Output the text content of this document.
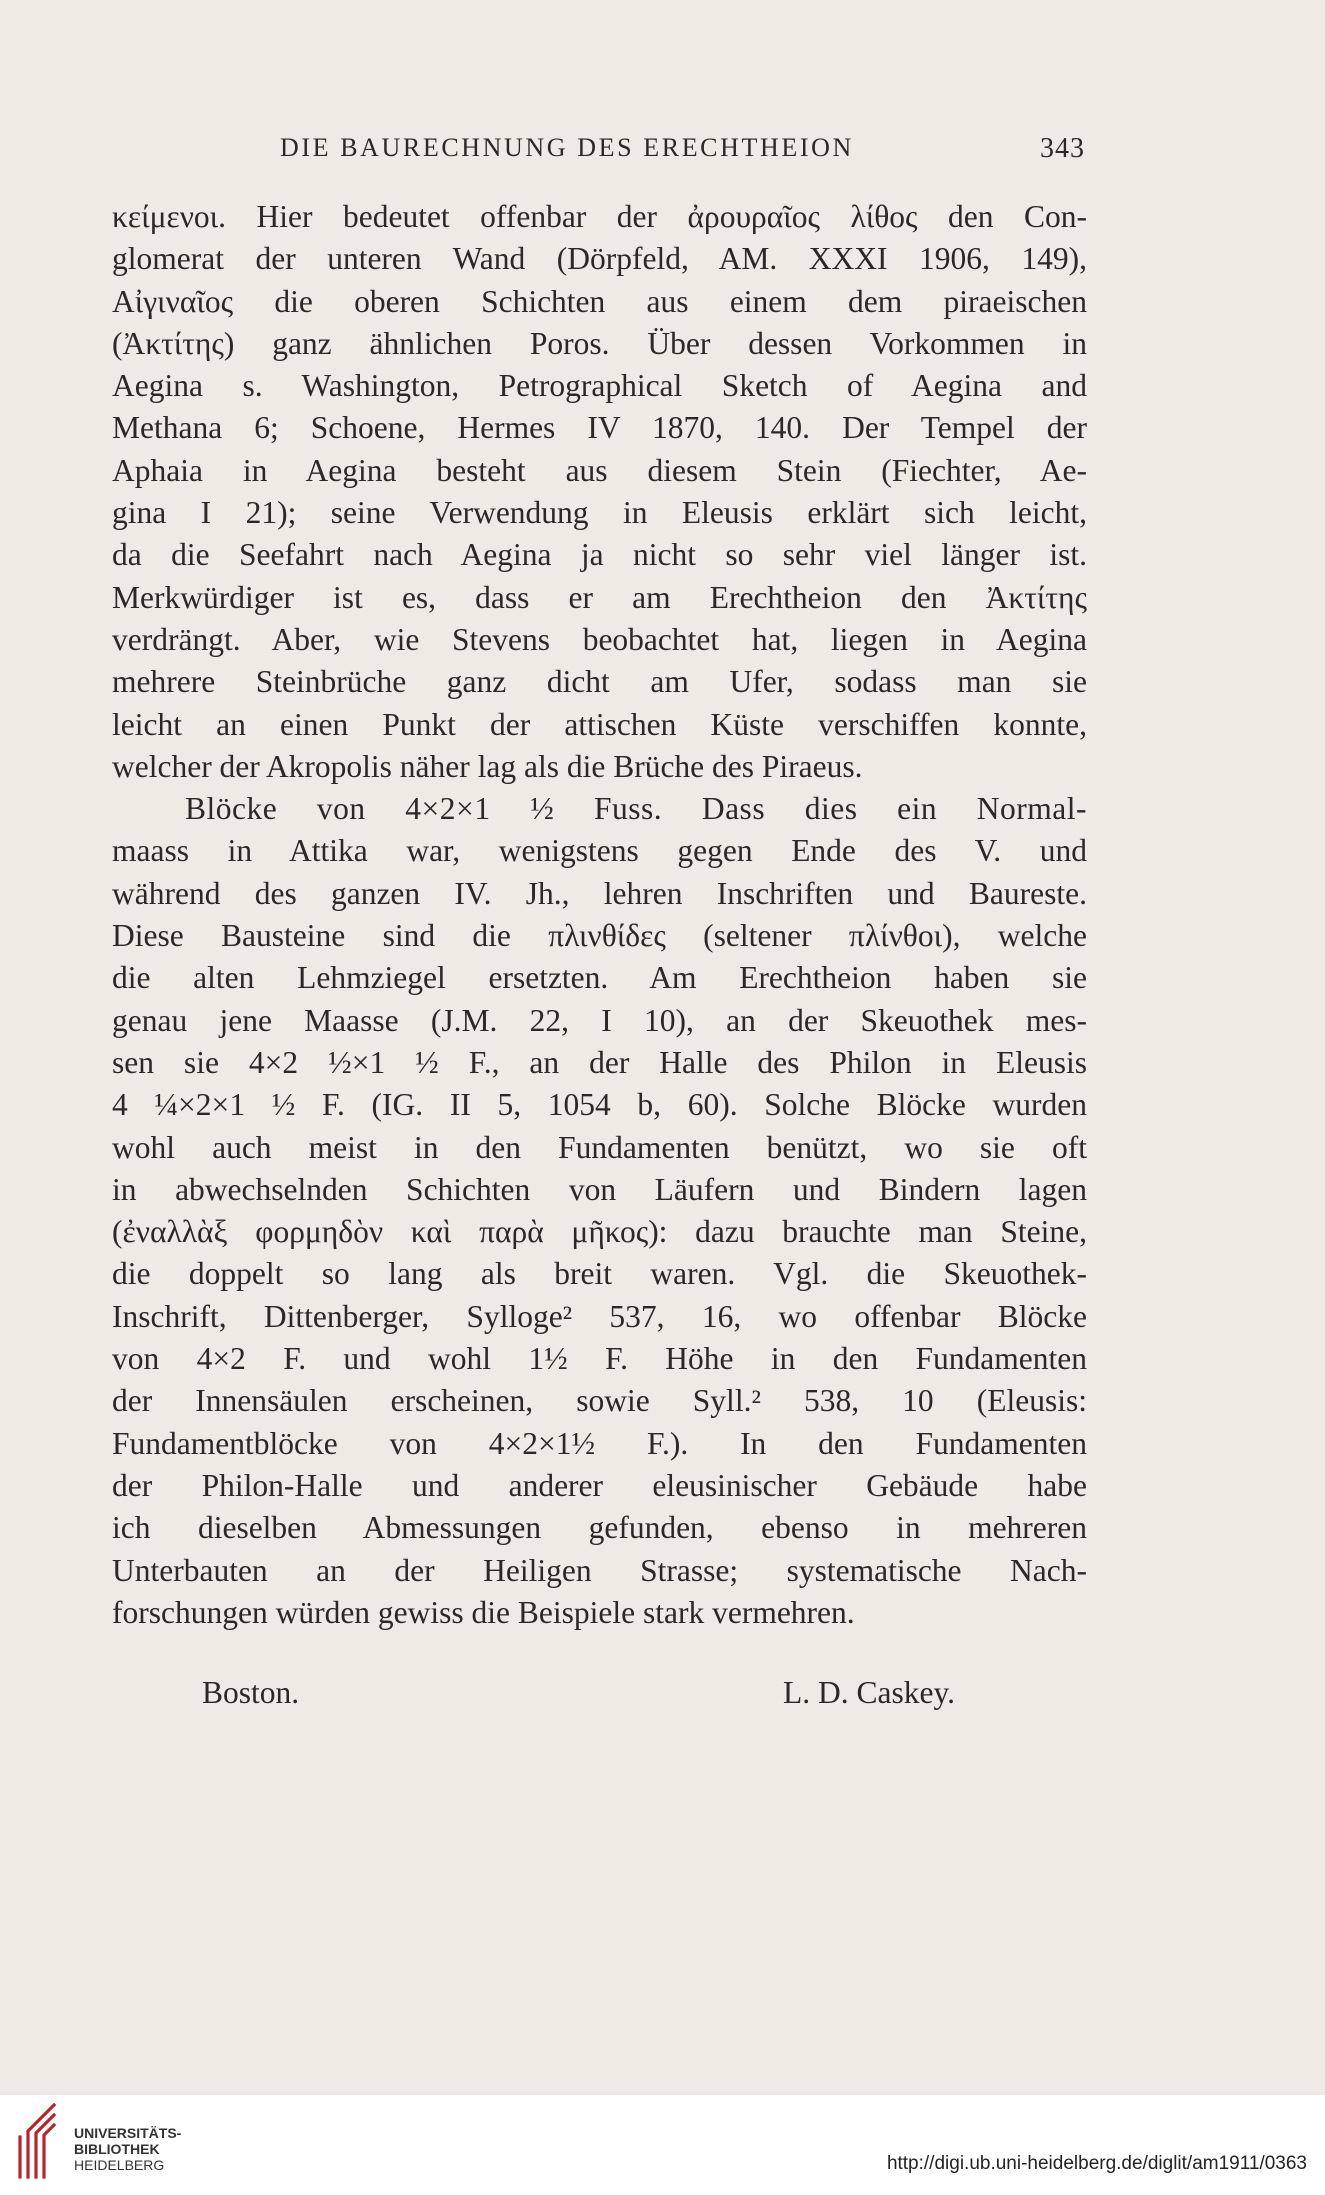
DIE BAURECHNUNG DES ERECHTHEION	343
κείμενοι. Hier bedeutet offenbar der ἀρουραῖος λίθος den Con-
glomerat der unteren Wand (Dörpfeld, AM. XXXI 1906, 149),
Αἰγιναῖος die oberen Schichten aus einem dem piraeischen
(Ἀκτίτης) ganz ähnlichen Poros. Über dessen Vorkommen in
Aegina s. Washington, Petrographical Sketch of Aegina and
Methana 6; Schoene, Hermes IV 1870, 140. Der Tempel der
Aphaia in Aegina besteht aus diesem Stein (Fiechter, Ae-
gina I 21); seine Verwendung in Eleusis erklärt sich leicht,
da die Seefahrt nach Aegina ja nicht so sehr viel länger ist.
Merkwürdiger ist es, dass er am Erechtheion den Ἀκτίτης
verdrängt. Aber, wie Stevens beobachtet hat, liegen in Aegina
mehrere Steinbrüche ganz dicht am Ufer, sodass man sie
leicht an einen Punkt der attischen Küste verschiffen konnte,
welcher der Akropolis näher lag als die Brüche des Piraeus.
Blöcke von 4×2×1 ½ Fuss. Dass dies ein Normal-
maass in Attika war, wenigstens gegen Ende des V. und
während des ganzen IV. Jh., lehren Inschriften und Baureste.
Diese Bausteine sind die πλινθίδες (seltener πλίνθοι), welche
die alten Lehmziegel ersetzten. Am Erechtheion haben sie
genau jene Maasse (J.M. 22, I 10), an der Skeuothek mes-
sen sie 4×2 ½×1 ½ F., an der Halle des Philon in Eleusis
4 ¼×2×1 ½ F. (IG. II 5, 1054 b, 60). Solche Blöcke wurden
wohl auch meist in den Fundamenten benützt, wo sie oft
in abwechselnden Schichten von Läufern und Bindern lagen
(ἐναλλὰξ φορμηδὸν καὶ παρὰ μῆκος): dazu brauchte man Steine,
die doppelt so lang als breit waren. Vgl. die Skeuothek-
Inschrift, Dittenberger, Sylloge² 537, 16, wo offenbar Blöcke
von 4×2 F. und wohl 1½ F. Höhe in den Fundamenten
der Innensäulen erscheinen, sowie Syll.² 538, 10 (Eleusis:
Fundamentblöcke von 4×2×1½ F.). In den Fundamenten
der Philon-Halle und anderer eleusinischer Gebäude habe
ich dieselben Abmessungen gefunden, ebenso in mehreren
Unterbauten an der Heiligen Strasse; systematische Nach-
forschungen würden gewiss die Beispiele stark vermehren.
Boston.	L. D. Caskey.
UNIVERSITÄTS-
BIBLIOTHEK
HEIDELBERG	http://digi.ub.uni-heidelberg.de/diglit/am1911/0363
